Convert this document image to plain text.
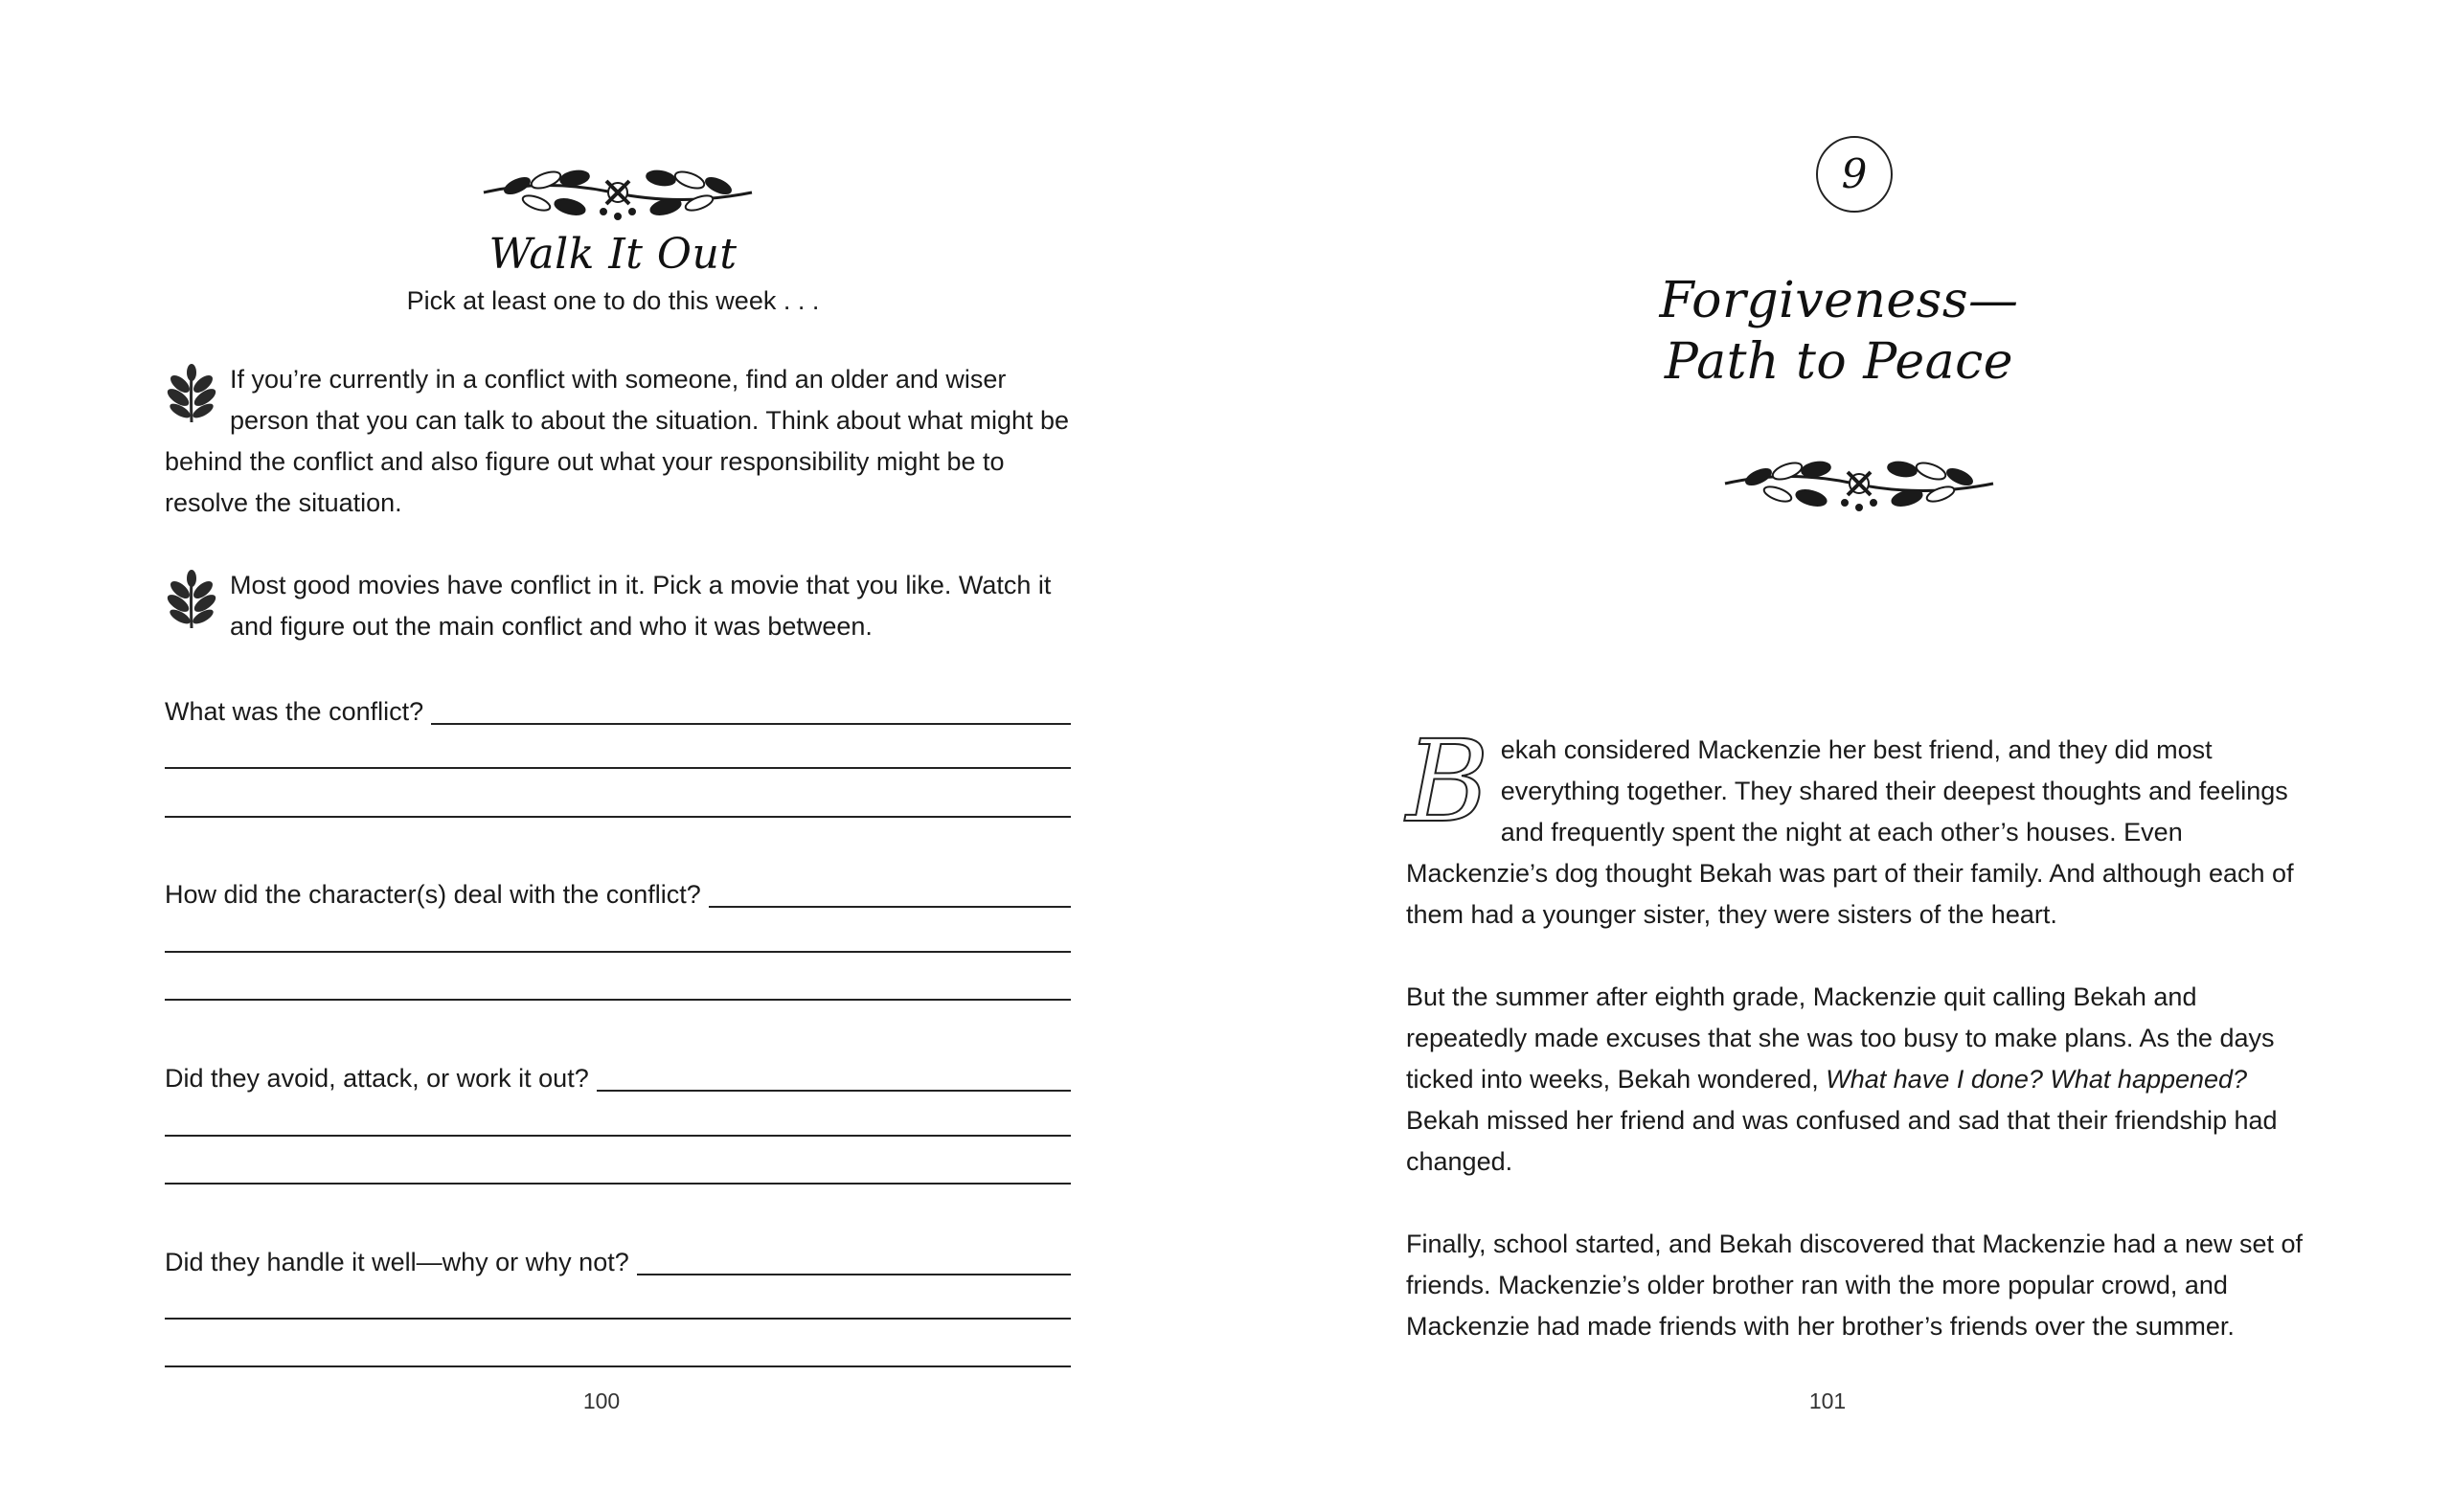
Walk It Out
Pick at least one to do this week . . .
If you’re currently in a conflict with someone, find an older and wiser person that you can talk to about the situation. Think about what might be behind the conflict and also figure out what your responsibility might be to resolve the situation.
Most good movies have conflict in it. Pick a movie that you like. Watch it and figure out the main conflict and who it was between.
What was the conflict?
How did the character(s) deal with the conflict?
Did they avoid, attack, or work it out?
Did they handle it well—why or why not?
100
9
Forgiveness—
Path to Peace

Bekah considered Mackenzie her best friend, and they did most everything together. They shared their deepest thoughts and feelings and frequently spent the night at each other’s houses. Even Mackenzie’s dog thought Bekah was part of their family. And although each of them had a younger sister, they were sisters of the heart.

But the summer after eighth grade, Mackenzie quit calling Bekah and repeatedly made excuses that she was too busy to make plans. As the days ticked into weeks, Bekah wondered, What have I done? What happened? Bekah missed her friend and was confused and sad that their friendship had changed.

Finally, school started, and Bekah discovered that Mackenzie had a new set of friends. Mackenzie’s older brother ran with the more popular crowd, and Mackenzie had made friends with her brother’s friends over the summer.

101
